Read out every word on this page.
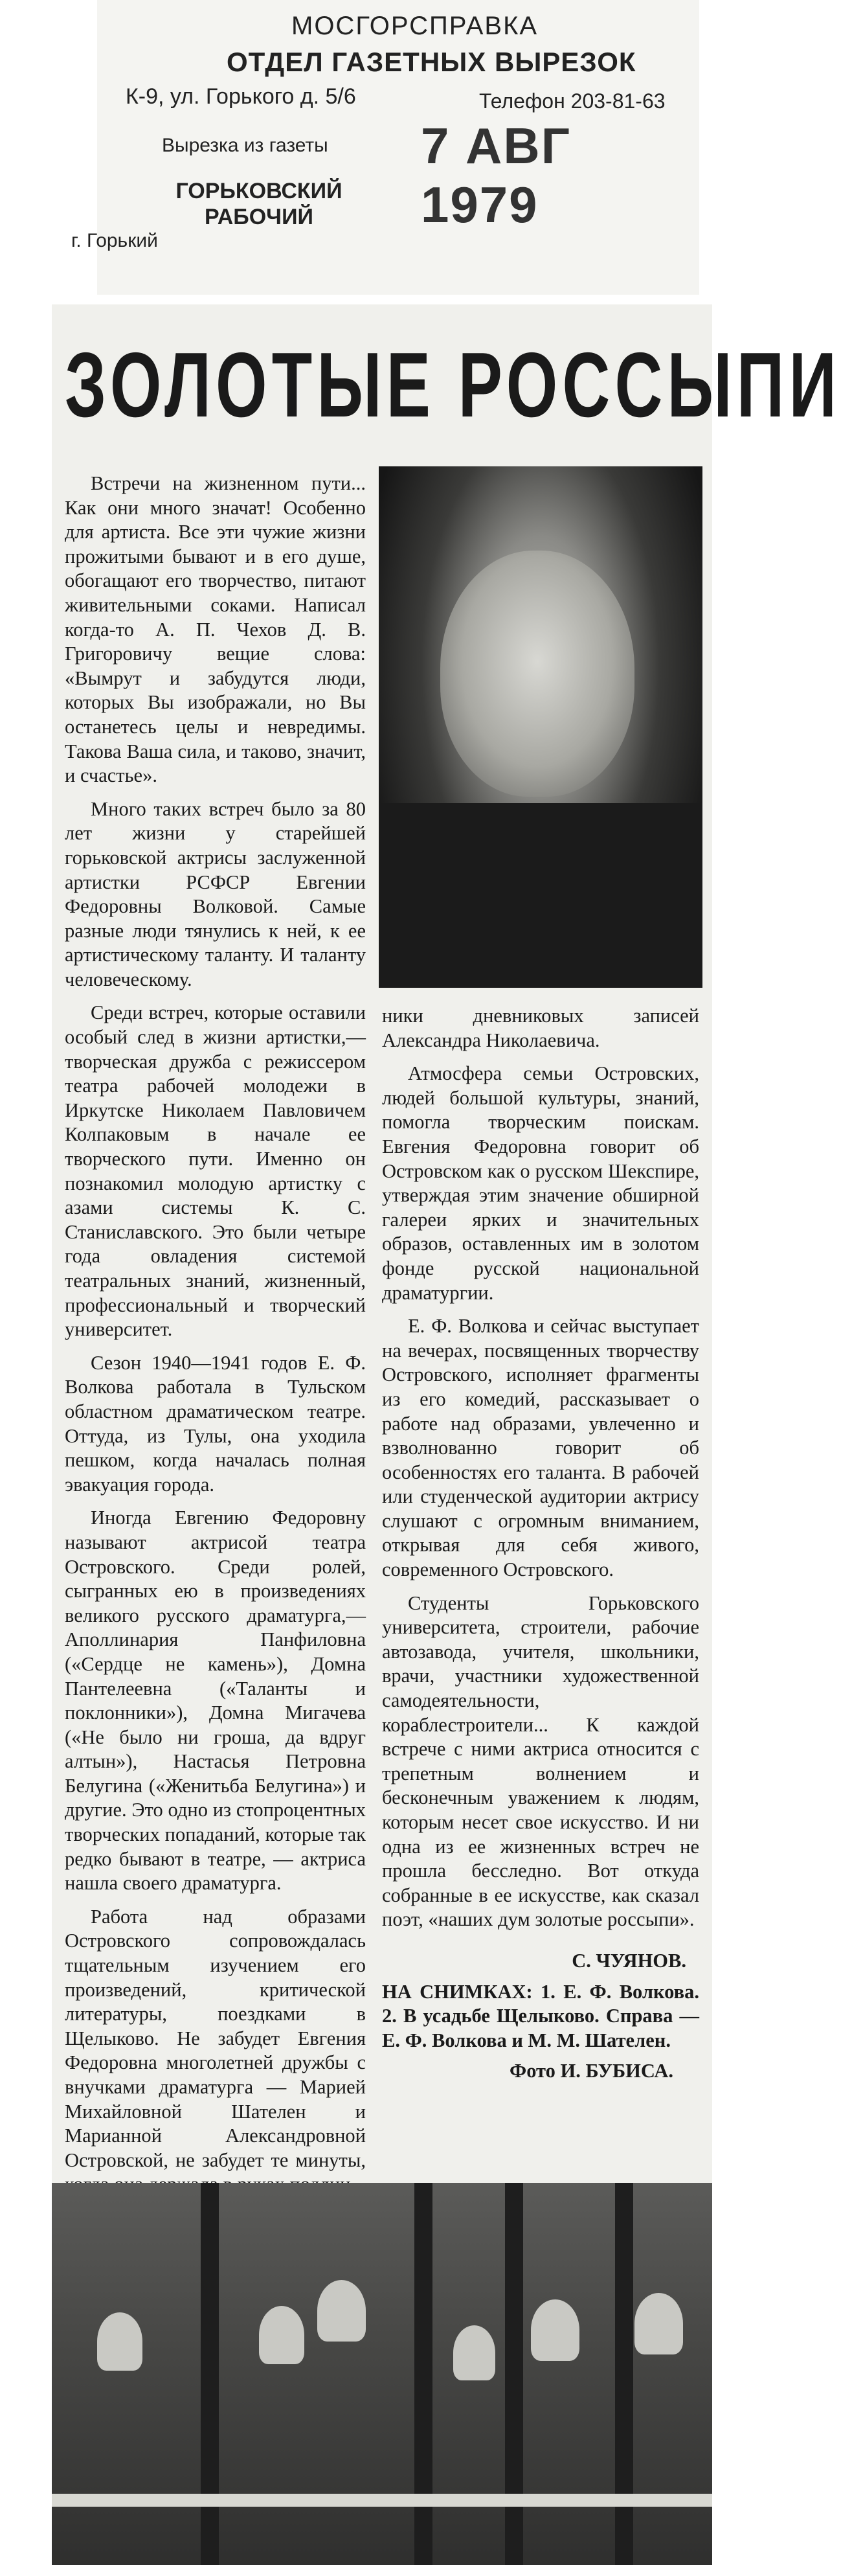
МОСГОРСПРАВКА
ОТДЕЛ ГАЗЕТНЫХ ВЫРЕЗОК
К-9, ул. Горького д. 5/6	Телефон 203-81-63
Вырезка из газеты 7 АВГ 1979
ГОРЬКОВСКИЙ РАБОЧИЙ
г. Горький
ЗОЛОТЫЕ РОССЫПИ

Встречи на жизненном пути... Как они много значат! Особенно для артиста. Все эти чужие жизни прожитыми бывают и в его душе, обогащают его творчество, питают живительными соками. Написал когда-то А. П. Чехов Д. В. Григоровичу вещие слова: «Вымрут и забудутся люди, которых Вы изображали, но Вы останетесь целы и невредимы. Такова Ваша сила, и таково, значит, и счастье».

Много таких встреч было за 80 лет жизни у старейшей горьковской актрисы заслуженной артистки РСФСР Евгении Федоровны Волковой. Самые разные люди тянулись к ней, к ее артистическому таланту. И таланту человеческому.

Среди встреч, которые оставили особый след в жизни артистки,—творческая дружба с режиссером театра рабочей молодежи в Иркутске Николаем Павловичем Колпаковым в начале ее творческого пути. Именно он познакомил молодую артистку с азами системы К. С. Станиславского. Это были четыре года овладения системой театральных знаний, жизненный, профессиональный и творческий университет.

Сезон 1940—1941 годов Е. Ф. Волкова работала в Тульском областном драматическом театре. Оттуда, из Тулы, она уходила пешком, когда началась полная эвакуация города.

Иногда Евгению Федоровну называют актрисой театра Островского. Среди ролей, сыгранных ею в произведениях великого русского драматурга,—Аполлинария Панфиловна («Сердце не камень»), Домна Пантелеевна («Таланты и поклонники»), Домна Мигачева («Не было ни гроша, да вдруг алтын»), Настасья Петровна Белугина («Женитьба Белугина») и другие. Это одно из стопроцентных творческих попаданий, которые так редко бывают в театре, — актриса нашла своего драматурга.

Работа над образами Островского сопровождалась тщательным изучением его произведений, критической литературы, поездками в Щелыково. Не забудет Евгения Федоровна многолетней дружбы с внучками драматурга — Марией Михайловной Шателен и Марианной Александровной Островской, не забудет те минуты,

ники дневниковых записей Александра Николаевича.

Атмосфера семьи Островских, людей большой культуры, знаний, помогла творческим поискам. Евгения Федоровна говорит об Островском как о русском Шекспире, утверждая этим значение обширной галереи ярких и значительных образов, оставленных им в золотом фонде русской национальной драматургии.

Е. Ф. Волкова и сейчас выступает на вечерах, посвященных творчеству Островского, исполняет фрагменты из его комедий, рассказывает о работе над образами, увлеченно и взволнованно говорит об особенностях его таланта. В рабочей или студенческой аудитории актрису слушают с огромным вниманием, открывая для себя живого, современного Островского.

Студенты Горьковского университета, строители, рабочие автозавода, учителя, школьники, врачи, участники художественной самодеятельности, кораблестроители... К каждой встрече с ними актриса относится с трепетным волнением и бесконечным уважением к людям, которым несет свое искусство. И ни одна из ее жизненных встреч не прошла бесследно. Вот откуда собранные в ее искусстве, как сказал поэт, «наших дум золотые россыпи».

С. ЧУЯНОВ.
НА СНИМКАХ: 1. Е. Ф. Волкова. 2. В усадьбе Щелыково. Справа — Е. Ф. Волкова и М. М. Шателен.
Фото И. БУБИСА.
